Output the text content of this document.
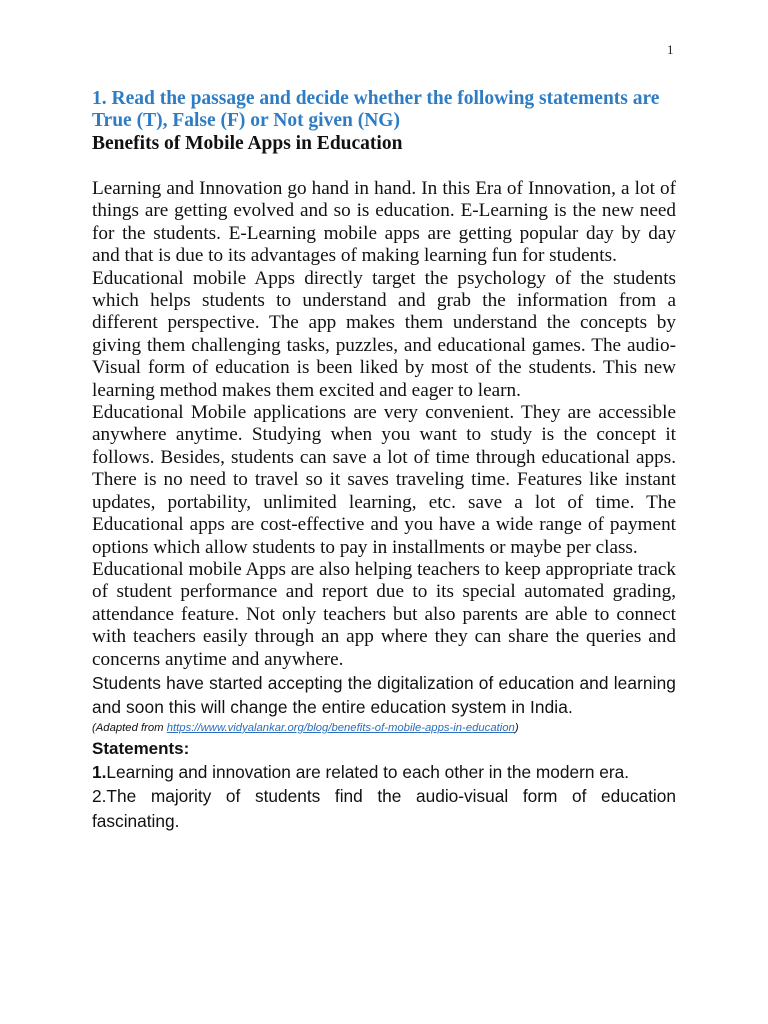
1
1. Read the passage and decide whether the following statements are True (T), False (F) or Not given (NG)
Benefits of Mobile Apps in Education

Learning and Innovation go hand in hand. In this Era of Innovation, a lot of things are getting evolved and so is education. E-Learning is the new need for the students. E-Learning mobile apps are getting popular day by day and that is due to its advantages of making learning fun for students.

Educational mobile Apps directly target the psychology of the students which helps students to understand and grab the information from a different perspective. The app makes them understand the concepts by giving them challenging tasks, puzzles, and educational games. The audio-Visual form of education is been liked by most of the students. This new learning method makes them excited and eager to learn.

Educational Mobile applications are very convenient. They are accessible anywhere anytime. Studying when you want to study is the concept it follows. Besides, students can save a lot of time through educational apps. There is no need to travel so it saves traveling time. Features like instant updates, portability, unlimited learning, etc. save a lot of time. The Educational apps are cost-effective and you have a wide range of payment options which allow students to pay in installments or maybe per class.

Educational mobile Apps are also helping teachers to keep appropriate track of student performance and report due to its special automated grading, attendance feature. Not only teachers but also parents are able to connect with teachers easily through an app where they can share the queries and concerns anytime and anywhere.

Students have started accepting the digitalization of education and learning and soon this will change the entire education system in India.

(Adapted from https://www.vidyalankar.org/blog/benefits-of-mobile-apps-in-education)

Statements:

1.Learning and innovation are related to each other in the modern era.

2.The majority of students find the audio-visual form of education fascinating.
